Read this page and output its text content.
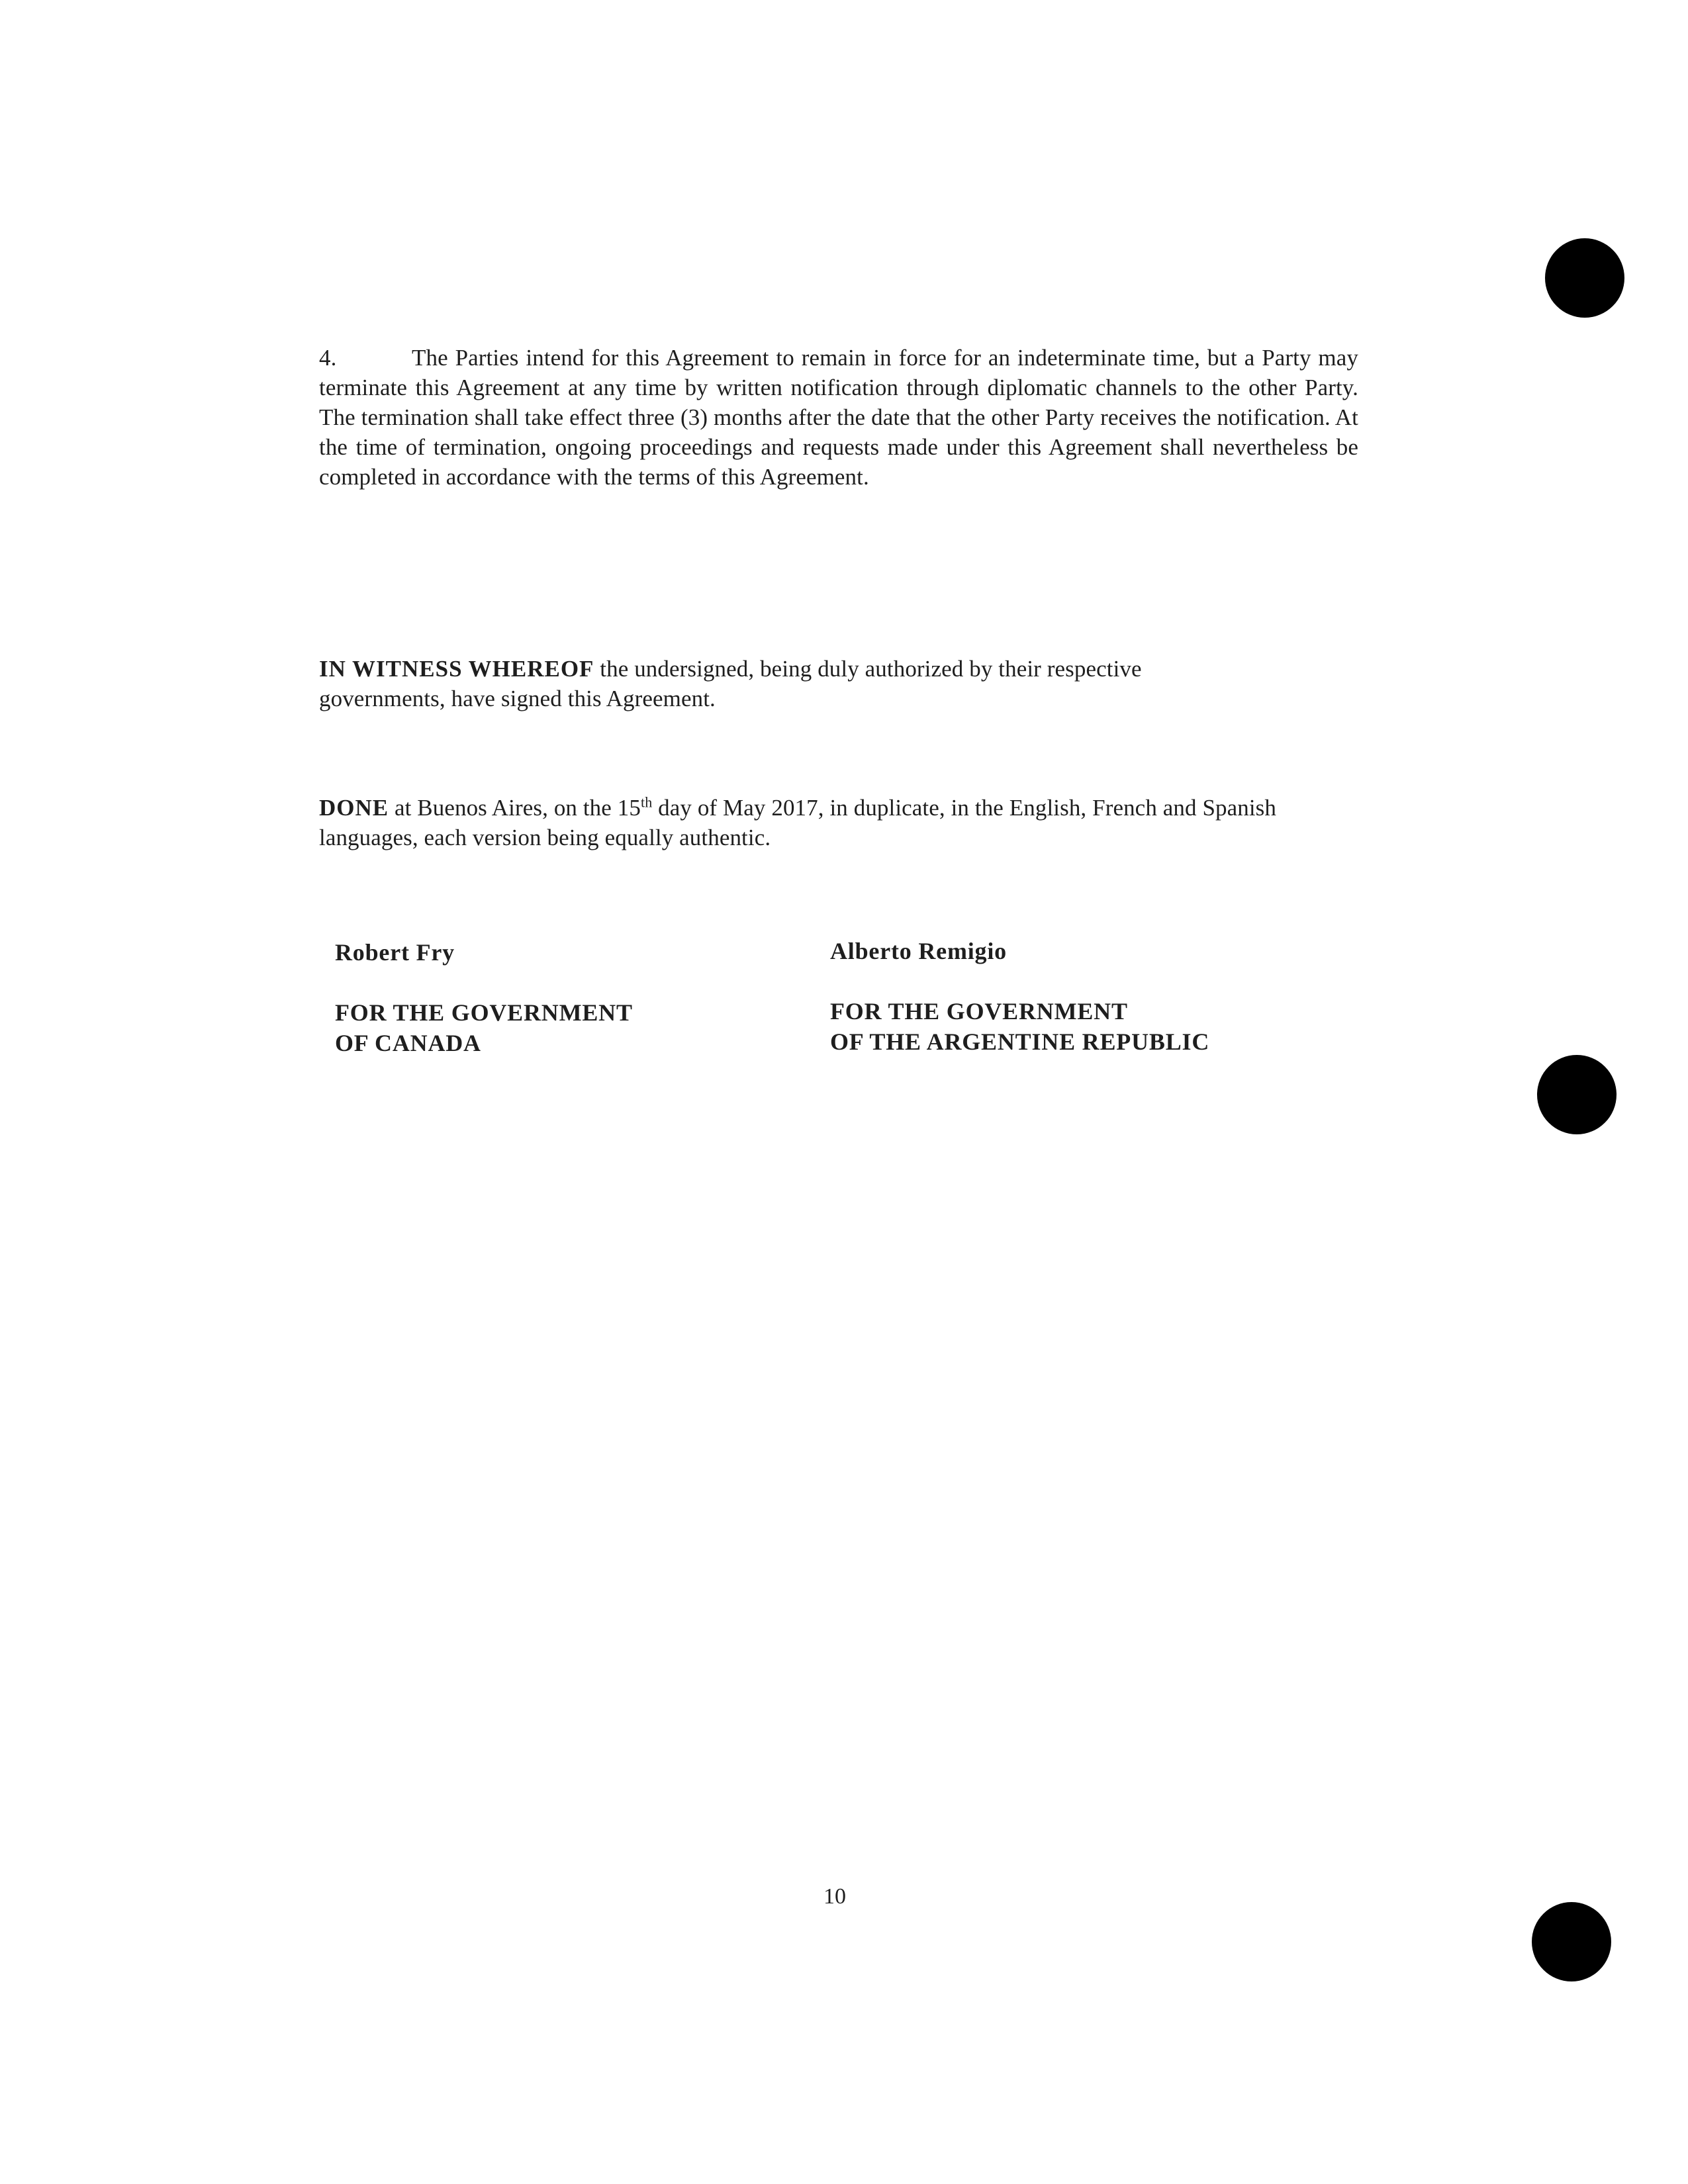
4.	The Parties intend for this Agreement to remain in force for an indeterminate time, but a Party may terminate this Agreement at any time by written notification through diplomatic channels to the other Party. The termination shall take effect three (3) months after the date that the other Party receives the notification. At the time of termination, ongoing proceedings and requests made under this Agreement shall nevertheless be completed in accordance with the terms of this Agreement.
IN WITNESS WHEREOF the undersigned, being duly authorized by their respective governments, have signed this Agreement.
DONE at Buenos Aires, on the 15th day of May 2017, in duplicate, in the English, French and Spanish languages, each version being equally authentic.
Robert Fry
FOR THE GOVERNMENT
OF CANADA
Alberto Remigio
FOR THE GOVERNMENT
OF THE ARGENTINE REPUBLIC
10
